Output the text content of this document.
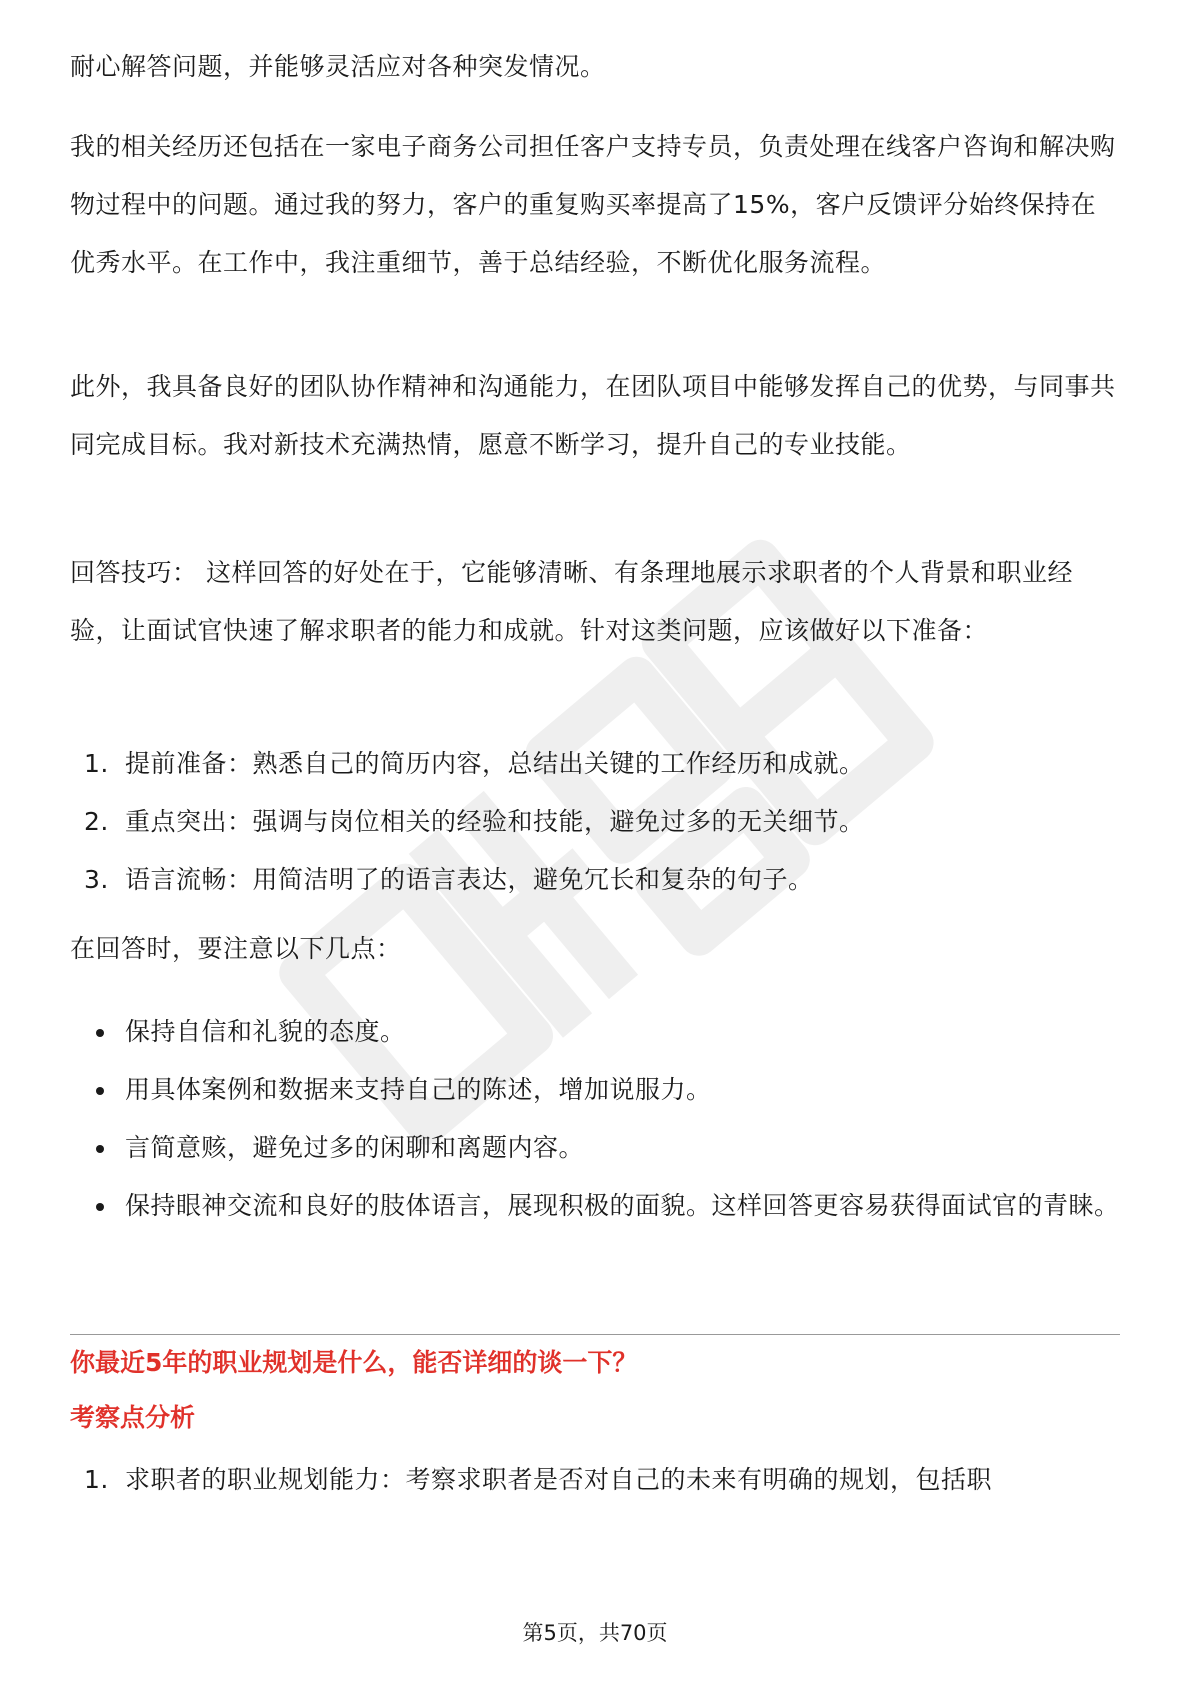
耐心解答问题，并能够灵活应对各种突发情况。

我的相关经历还包括在一家电子商务公司担任客户支持专员，负责处理在线客户咨询和解决购物过程中的问题。通过我的努力，客户的重复购买率提高了15%，客户反馈评分始终保持在优秀水平。在工作中，我注重细节，善于总结经验，不断优化服务流程。

此外，我具备良好的团队协作精神和沟通能力，在团队项目中能够发挥自己的优势，与同事共同完成目标。我对新技术充满热情，愿意不断学习，提升自己的专业技能。

回答技巧： 这样回答的好处在于，它能够清晰、有条理地展示求职者的个人背景和职业经验，让面试官快速了解求职者的能力和成就。针对这类问题，应该做好以下准备：

1. 提前准备：熟悉自己的简历内容，总结出关键的工作经历和成就。
2. 重点突出：强调与岗位相关的经验和技能，避免过多的无关细节。
3. 语言流畅：用简洁明了的语言表达，避免冗长和复杂的句子。

在回答时，要注意以下几点：

保持自信和礼貌的态度。
用具体案例和数据来支持自己的陈述，增加说服力。
言简意赅，避免过多的闲聊和离题内容。
保持眼神交流和良好的肢体语言，展现积极的面貌。这样回答更容易获得面试官的青睐。
你最近5年的职业规划是什么，能否详细的谈一下？
考察点分析
1. 求职者的职业规划能力：考察求职者是否对自己的未来有明确的规划，包括职
第5页，共70页
